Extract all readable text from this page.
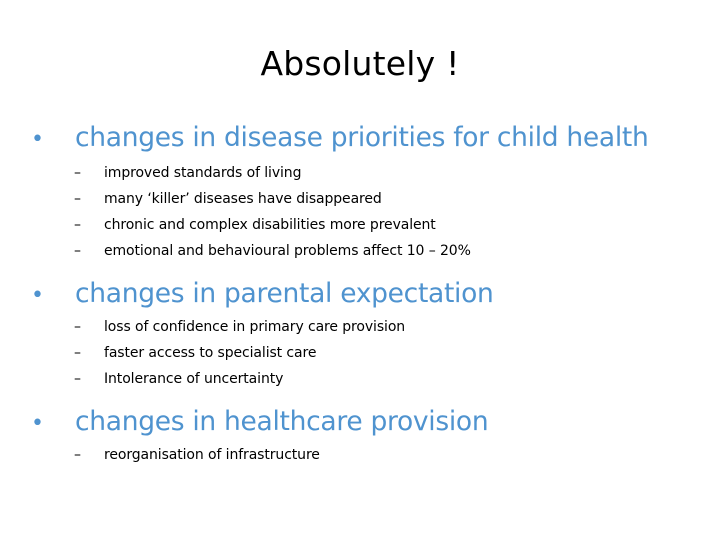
Absolutely !
•	changes in disease priorities for child health
–	improved standards of living
–	many ‘killer’ diseases have disappeared
–	chronic and complex disabilities more prevalent
–	emotional and behavioural problems affect 10 – 20%
•	changes in parental expectation
–	loss of confidence in primary care provision
–	faster access to specialist care
–	Intolerance of uncertainty
•	changes in healthcare provision
–	reorganisation of infrastructure
